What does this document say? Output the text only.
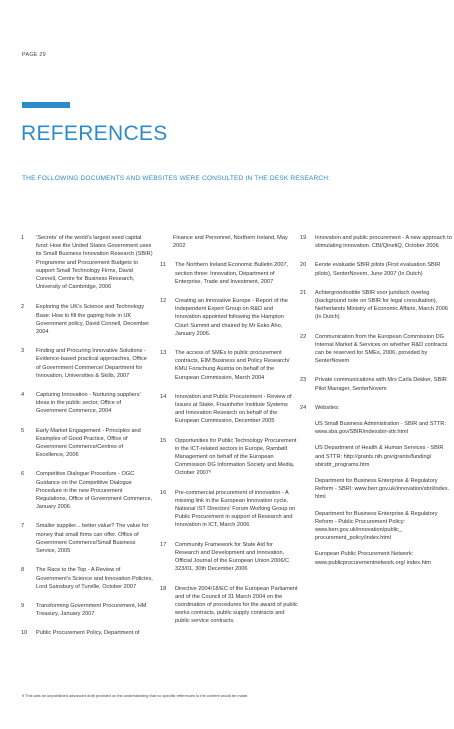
PAGE 29
REFERENCES
THE FOLLOWING DOCUMENTS AND WEBSITES WERE CONSULTED IN THE DESK RESEARCH:
1	‘Secrets’ of the world’s largest seed capital fund: How the United States Government uses its Small Business Innovation Research (SBIR) Programme and Procurement Budgets to support Small Technology Firms, David Connell, Centre for Business Research, University of Cambridge, 2006
2	Exploring the UK’s Science and Technology Base: How to fill the gaping hole in UK Government policy, David Connell, December 2004
3	Finding and Procuring Innovative Solutions - Evidence-based practical approaches, Office of Government Commerce/ Department for Innovation, Universities & Skills, 2007
4	Capturing Innovation - Nurturing suppliers’ ideas in the public sector, Office of Government Commerce, 2004
5	Early Market Engagement - Principles and Examples of Good Practice, Office of Government Commerce/Centres of Excellence, 2006
6	Competitive Dialogue Procedure - OGC Guidance on the Competitive Dialogue Procedure in the new Procurement Regulations, Office of Government Commerce, January 2006
7	Smaller supplier... better value? The value for money that small firms can offer. Office of Government Commerce/Small Business Service, 2005
8	The Race to the Top - A Review of Government’s Science and Innovation Policies, Lord Sainsbury of Turville, October 2007
9	Transforming Government Procurement, HM Treasury, January 2007
10	Public Procurement Policy, Department of
Finance and Personnel, Northern Ireland, May 2002
11	The Northern Ireland Economic Bulletin 2007, section three: Innovation, Department of Enterprise, Trade and Investment, 2007
12	Creating an Innovative Europe - Report of the Independent Expert Group on R&D and Innovation appointed following the Hampton Court Summit and chaired by Mr Esko Aho, January 2006.
13	The access of SMEs to public procurement contracts, EIM Business and Policy Research/ KMU Forschung Austria on behalf of the European Commission, March 2004
14	Innovation and Public Procurement - Review of Issues at Stake, Fraunhofer Institute Systems and Innovation Research on behalf of the European Commission, December 2005
15	Opportunities for Public Technology Procurement in the ICT-related sectors in Europe, Rambøll Management on behalf of the European Commission DG Information Society and Media, October 2007⁹
16	Pre-commercial procurement of innovation - A missing link in the European Innovation cycle, National IST Directors’ Forum Working Group on Public Procurement in support of Research and Innovation in ICT, March 2006
17	Community Framework for State Aid for Research and Development and Innovation, Official Journal of the European Union 2006/C 323/01, 30th December 2006
18	Directive 2004/18/EC of the European Parliament and of the Council of 31 March 2004 on the coordination of procedures for the award of public works contracts, public supply contracts and public service contracts.
19	Innovation and public procurement - A new approach to stimulating innovation. CBI/QinetiQ, October 2006
20	Eerste evaluatie SBIR pilots (First evaluation SBIR pilots), SenterNovem, June 2007 (In Dutch)
21	Achtergrondnotitie SBIR voor juridisch overleg (background note on SBIR for legal consultation), Netherlands Ministry of Economic Affairs, March 2006 (In Dutch)
22	Communication from the European Commission DG Internal Market & Services on whether R&D contracts can be reserved for SMEs, 2006, provided by SenterNovem
23	Private communications with Mrs Carla Dekker, SBIR Pilot Manager, SenterNovem
24	Websites:
US Small Business Administration - SBIR and STTR: www.sba.gov/SBIR/indexsbir-sttr.html
US Department of Health & Human Services - SBIR and STTR: http://grants.nih.gov/grants/funding/ sbirsttr_programs.htm
Department for Business Enterprise & Regulatory Reform - SBRI: www.berr.gov.uk/innovation/sbri/index. html
Department for Business Enterprise & Regulatory Reform - Public Procurement Policy: www.berr.gov.uk/innovation/public_ procurement_policy/index.html
European Public Procurement Network: www.publicprocurementnetwork.org/ index.htm
9 This was an unpublished advanced draft provided on the understanding that no specific references to the content would be made.
